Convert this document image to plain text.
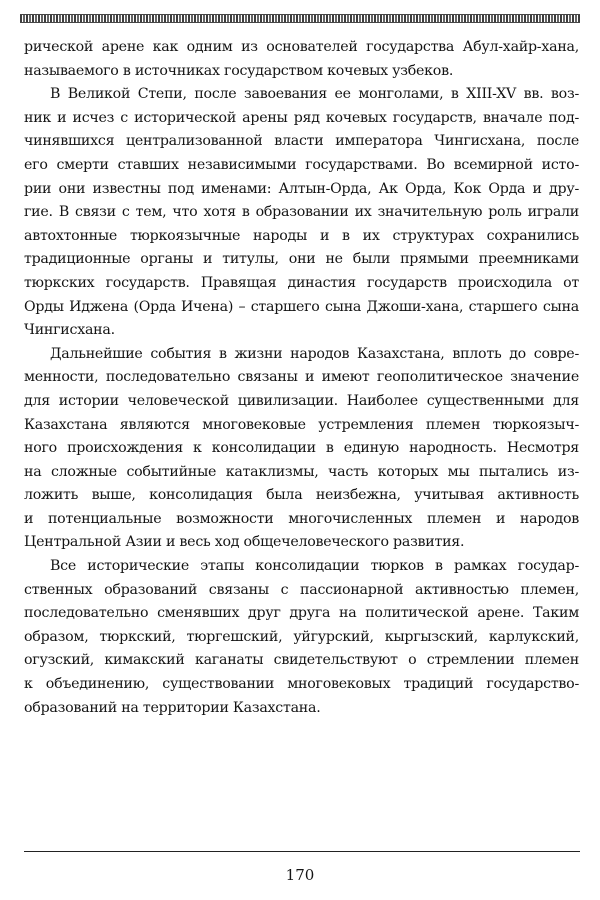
рической арене как одним из основателей государства Абул-хайр-хана,
называемого в источниках государством кочевых узбеков.
В Великой Степи, после завоевания ее монголами, в XIII-XV вв. воз-
ник и исчез с исторической арены ряд кочевых государств, вначале под-
чинявшихся централизованной власти императора Чингисхана, после
его смерти ставших независимыми государствами. Во всемирной исто-
рии они известны под именами: Алтын-Орда, Ак Орда, Кок Орда и дру-
гие. В связи с тем, что хотя в образовании их значительную роль играли
автохтонные тюркоязычные народы и в их структурах сохранились
традиционные органы и титулы, они не были прямыми преемниками
тюркских государств. Правящая династия государств происходила от
Орды Иджена (Орда Ичена) – старшего сына Джоши-хана, старшего сына
Чингисхана.
Дальнейшие события в жизни народов Казахстана, вплоть до совре-
менности, последовательно связаны и имеют геополитическое значение
для истории человеческой цивилизации. Наиболее существенными для
Казахстана являются многовековые устремления племен тюркоязыч-
ного происхождения к консолидации в единую народность. Несмотря
на сложные событийные катаклизмы, часть которых мы пытались из-
ложить выше, консолидация была неизбежна, учитывая активность
и потенциальные возможности многочисленных племен и народов
Центральной Азии и весь ход общечеловеческого развития.
Все исторические этапы консолидации тюрков в рамках государ-
ственных образований связаны с пассионарной активностью племен,
последовательно сменявших друг друга на политической арене. Таким
образом, тюркский, тюргешский, уйгурский, кыргызский, карлукский,
огузский, кимакский каганаты свидетельствуют о стремлении племен
к объединению, существовании многовековых традиций государство-
образований на территории Казахстана.
170
